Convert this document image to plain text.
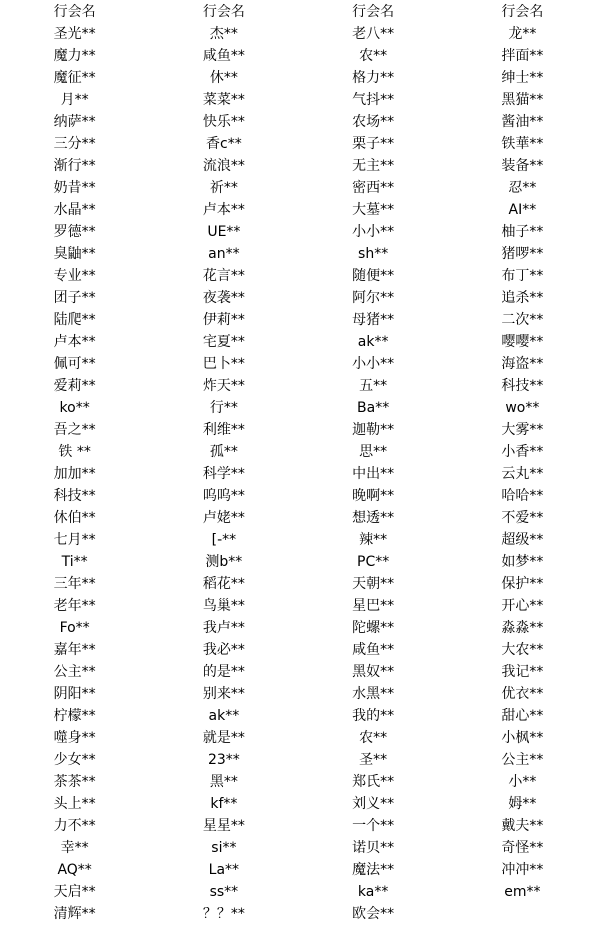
行会名
圣光**
魔力**
魔征**
月**
纳萨**
三分**
渐行**
奶昔**
水晶**
罗德**
臭鼬**
专业**
团子**
陆爬**
卢本**
佩可**
爱莉**
ko**
吾之**
铁 **
加加**
科技**
休伯**
七月**
Ti**
三年**
老年**
Fo**
嘉年**
公主**
阴阳**
柠檬**
噬身**
少女**
茶茶**
头上**
力不**
幸**
AQ**
天启**
清辉**
行会名
杰**
咸鱼**
休**
菜菜**
快乐**
香c**
流浪**
祈**
卢本**
UE**
an**
花言**
夜袭**
伊莉**
宅夏**
巴卜**
炸天**
行**
利维**
孤**
科学**
呜呜**
卢姥**
[-**
测b**
稻花**
鸟巢**
我卢**
我必**
的是**
别来**
ak**
就是**
23**
黑**
kf**
星星**
si**
La**
ss**
？？**
行会名
老八**
农**
格力**
气抖**
农场**
栗子**
无主**
密西**
大墓**
小小**
sh**
随便**
阿尔**
母猪**
ak**
小小**
五**
Ba**
迦勒**
思**
中出**
晚啊**
想透**
辣**
PC**
天朝**
星巴**
陀螺**
咸鱼**
黑奴**
水黑**
我的**
农**
圣**
郑氏**
刘义**
一个**
诺贝**
魔法**
ka**
欧会**
行会名
龙**
拌面**
绅士**
黑猫**
酱油**
铁華**
装备**
忍**
AI**
柚子**
猪啰**
布丁**
追杀**
二次**
嘤嘤**
海盗**
科技**
wo**
大雾**
小香**
云丸**
哈哈**
不爱**
超级**
如梦**
保护**
开心**
淼淼**
大农**
我记**
优衣**
甜心**
小枫**
公主**
小**
姆**
戴夫**
奇怪**
冲冲**
em**
